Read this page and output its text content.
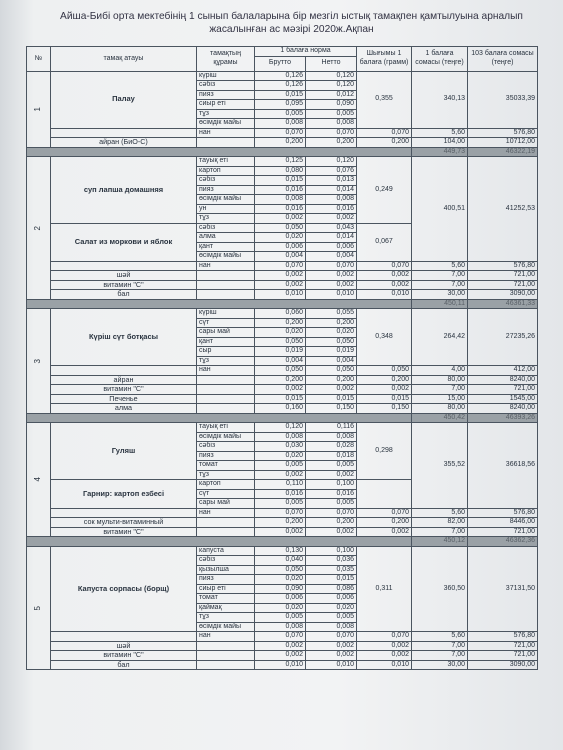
Айша-Бибі орта мектебінің 1 сынып балаларына бір мезгіл ыстық тамақпен қамтылуына арналып
жасалынған ас мәзірі 2020ж.Ақпан
№	тамақ атауы	тамақтың құрамы	1 балаға норма		Шығымы 1 балаға (грамм)	1 балаға сомасы (теңге)	103 балаға сомасы (теңге)
			Брутто	Нетто			
1	Палау	күріш	0,126	0,120	0,355	340,13	35033,39
		сәбіз	0,126	0,120			
		пияз	0,015	0,012			
		сиыр еті	0,095	0,090			
		тұз	0,005	0,005			
		өсімдік майы	0,008	0,008			
		нан	0,070	0,070	0,070	5,60	576,80
	айран (БиО-С)		0,200	0,200	0,200	104,00	10712,00
						449,73	46322,19
2	суп лапша домашняя	тауық еті	0,125	0,120	0,249	400,51	41252,53
		картоп	0,080	0,076			
		сәбіз	0,015	0,013			
		пияз	0,016	0,014			
		өсімдік майы	0,008	0,008			
		ун	0,016	0,016			
		тұз	0,002	0,002			
	Салат из моркови и яблок	сәбіз	0,050	0,043	0,067		
		алма	0,020	0,014			
		қант	0,006	0,006			
		өсімдік майы	0,004	0,004			
		нан	0,070	0,070	0,070	5,60	576,80
	шәй		0,002	0,002	0,002	7,00	721,00
	витамин "С"		0,002	0,002	0,002	7,00	721,00
	бал		0,010	0,010	0,010	30,00	3090,00
						450,11	46361,33
3	Күріш сүт ботқасы	күріш	0,060	0,055	0,348	264,42	27235,26
		сүт	0,200	0,200			
		сары май	0,020	0,020			
		қант	0,050	0,050			
		сыр	0,019	0,019			
		тұз	0,004	0,004			
		нан	0,050	0,050	0,050	4,00	412,00
	айран		0,200	0,200	0,200	80,00	8240,00
	витамин "С"		0,002	0,002	0,002	7,00	721,00
	Печенье		0,015	0,015	0,015	15,00	1545,00
	алма		0,160	0,150	0,150	80,00	8240,00
						450,42	46393,26
4	Гуляш	тауық еті	0,120	0,116	0,298	355,52	36618,56
		өсімдік майы	0,008	0,008			
		сәбіз	0,030	0,028			
		пияз	0,020	0,018			
		томат	0,005	0,005			
		тұз	0,002	0,002			
	Гарнир: картоп езбесі	картоп	0,110	0,100			
		сүт	0,016	0,016			
		сары май	0,005	0,005			
		нан	0,070	0,070	0,070	5,60	576,80
	сок мульти-витаминный		0,200	0,200	0,200	82,00	8446,00
	витамин "С"		0,002	0,002	0,002	7,00	721,00
						450,12	46362,36
5	Капуста сорпасы (борщ)	капуста	0,130	0,100	0,311	360,50	37131,50
		сәбіз	0,040	0,036			
		қызылша	0,050	0,035			
		пияз	0,020	0,015			
		сиыр еті	0,090	0,086			
		томат	0,006	0,006			
		қаймақ	0,020	0,020			
		тұз	0,005	0,005			
		өсімдік майы	0,008	0,008			
		нан	0,070	0,070	0,070	5,60	576,80
	шәй		0,002	0,002	0,002	7,00	721,00
	витамин "С"		0,002	0,002	0,002	7,00	721,00
	бал		0,010	0,010	0,010	30,00	3090,00
